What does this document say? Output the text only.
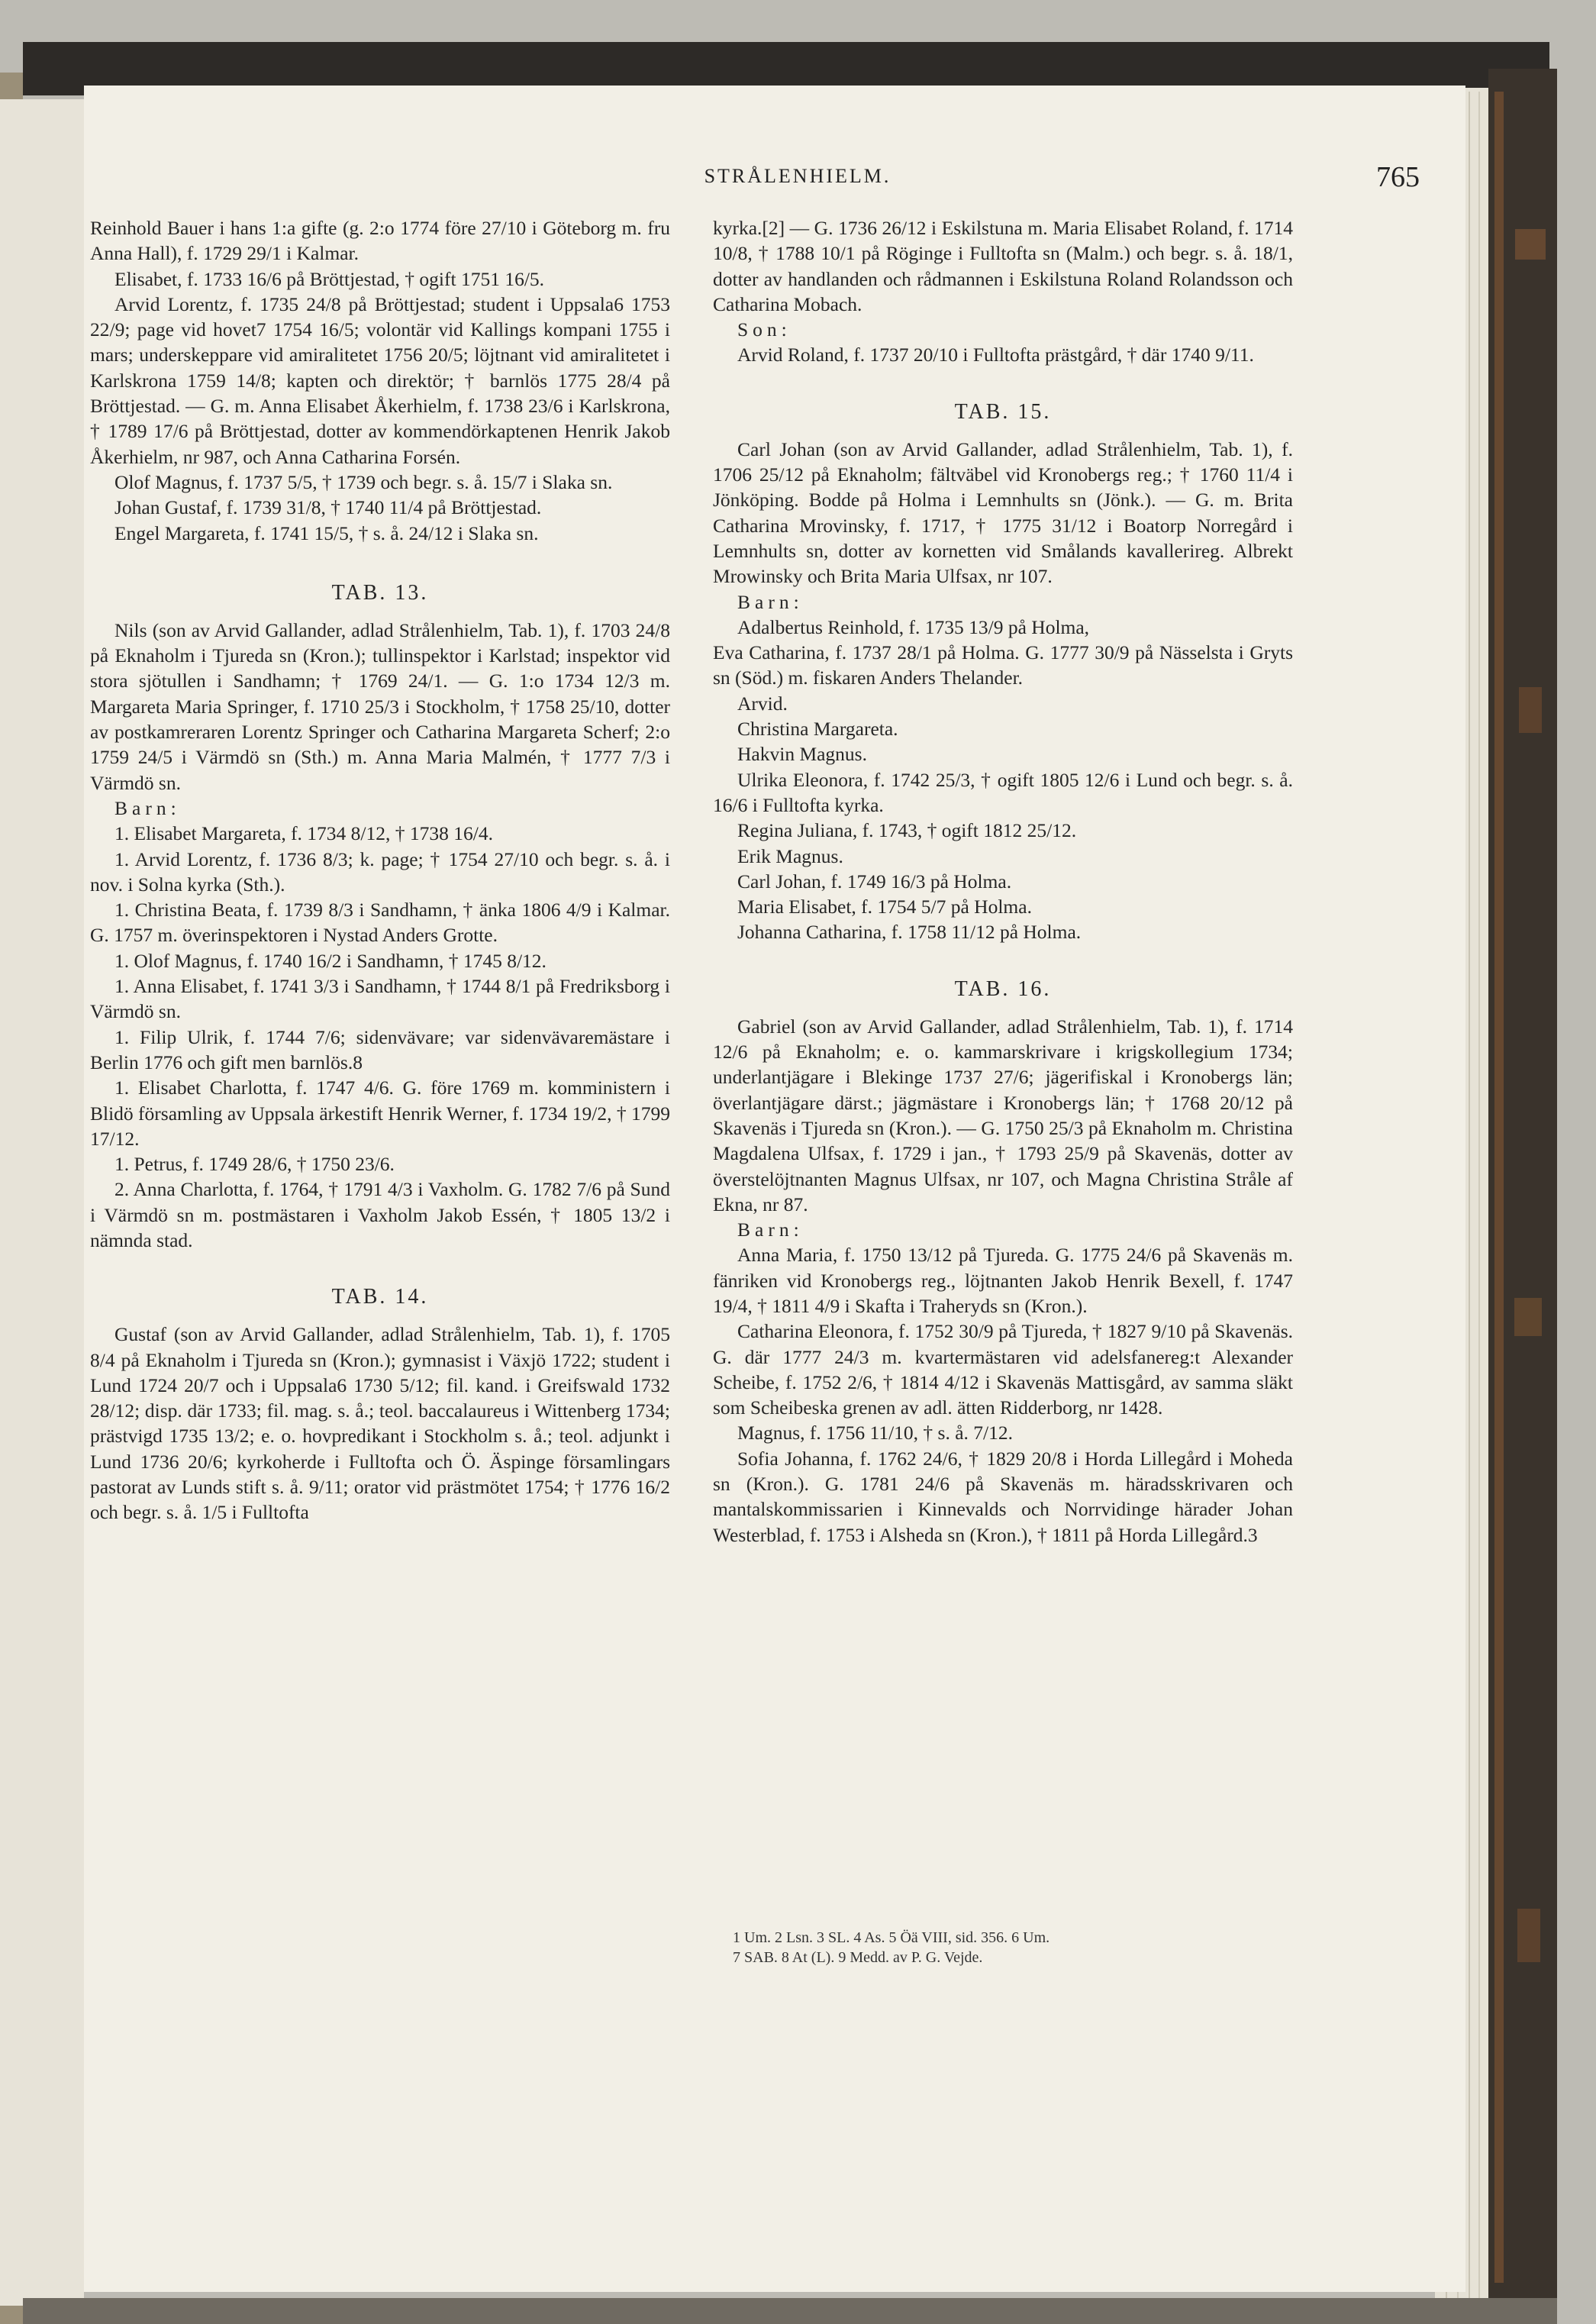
STRÅLENHIELM.	765

Reinhold Bauer i hans 1:a gifte (g. 2:o 1774 före 27/10 i Göteborg m. fru Anna Hall), f. 1729 29/1 i Kalmar.

Elisabet, f. 1733 16/6 på Bröttjestad, † ogift 1751 16/5.

Arvid Lorentz, f. 1735 24/8 på Bröttjestad; student i Uppsala6 1753 22/9; page vid hovet7 1754 16/5; volontär vid Kallings kompani 1755 i mars; underskeppare vid amiralitetet 1756 20/5; löjtnant vid amiralitetet i Karlskrona 1759 14/8; kapten och direktör; † barnlös 1775 28/4 på Bröttjestad. — G. m. Anna Elisabet Åkerhielm, f. 1738 23/6 i Karlskrona, † 1789 17/6 på Bröttjestad, dotter av kommendörkaptenen Henrik Jakob Åkerhielm, nr 987, och Anna Catharina Forsén.

Olof Magnus, f. 1737 5/5, † 1739 och begr. s. å. 15/7 i Slaka sn.

Johan Gustaf, f. 1739 31/8, † 1740 11/4 på Bröttjestad.

Engel Margareta, f. 1741 15/5, † s. å. 24/12 i Slaka sn.

TAB. 13.

Nils (son av Arvid Gallander, adlad Strålenhielm, Tab. 1), f. 1703 24/8 på Eknaholm i Tjureda sn (Kron.); tullinspektor i Karlstad; inspektor vid stora sjötullen i Sandhamn; † 1769 24/1. — G. 1:o 1734 12/3 m. Margareta Maria Springer, f. 1710 25/3 i Stockholm, † 1758 25/10, dotter av postkamreraren Lorentz Springer och Catharina Margareta Scherf; 2:o 1759 24/5 i Värmdö sn (Sth.) m. Anna Maria Malmén, † 1777 7/3 i Värmdö sn.

Barn:

1. Elisabet Margareta, f. 1734 8/12, † 1738 16/4.

1. Arvid Lorentz, f. 1736 8/3; k. page; † 1754 27/10 och begr. s. å. i nov. i Solna kyrka (Sth.).

1. Christina Beata, f. 1739 8/3 i Sandhamn, † änka 1806 4/9 i Kalmar. G. 1757 m. överinspektoren i Nystad Anders Grotte.

1. Olof Magnus, f. 1740 16/2 i Sandhamn, † 1745 8/12.

1. Anna Elisabet, f. 1741 3/3 i Sandhamn, † 1744 8/1 på Fredriksborg i Värmdö sn.

1. Filip Ulrik, f. 1744 7/6; sidenvävare; var sidenvävaremästare i Berlin 1776 och gift men barnlös.8

1. Elisabet Charlotta, f. 1747 4/6. G. före 1769 m. komministern i Blidö församling av Uppsala ärkestift Henrik Werner, f. 1734 19/2, † 1799 17/12.

1. Petrus, f. 1749 28/6, † 1750 23/6.

2. Anna Charlotta, f. 1764, † 1791 4/3 i Vaxholm. G. 1782 7/6 på Sund i Värmdö sn m. postmästaren i Vaxholm Jakob Essén, † 1805 13/2 i nämnda stad.

TAB. 14.

Gustaf (son av Arvid Gallander, adlad Strålenhielm, Tab. 1), f. 1705 8/4 på Eknaholm i Tjureda sn (Kron.); gymnasist i Växjö 1722; student i Lund 1724 20/7 och i Uppsala6 1730 5/12; fil. kand. i Greifswald 1732 28/12; disp. där 1733; fil. mag. s. å.; teol. baccalaureus i Wittenberg 1734; prästvigd 1735 13/2; e. o. hovpredikant i Stockholm s. å.; teol. adjunkt i Lund 1736 20/6; kyrkoherde i Fulltofta och Ö. Äspinge församlingars pastorat av Lunds stift s. å. 9/11; orator vid prästmötet 1754; † 1776 16/2 och begr. s. å. 1/5 i Fulltofta

kyrka.[2] — G. 1736 26/12 i Eskilstuna m. Maria Elisabet Roland, f. 1714 10/8, † 1788 10/1 på Röginge i Fulltofta sn (Malm.) och begr. s. å. 18/1, dotter av handlanden och rådmannen i Eskilstuna Roland Rolandsson och Catharina Mobach.

Son:

Arvid Roland, f. 1737 20/10 i Fulltofta prästgård, † där 1740 9/11.

TAB. 15.

Carl Johan (son av Arvid Gallander, adlad Strålenhielm, Tab. 1), f. 1706 25/12 på Eknaholm; fältväbel vid Kronobergs reg.; † 1760 11/4 i Jönköping. Bodde på Holma i Lemnhults sn (Jönk.). — G. m. Brita Catharina Mrovinsky, f. 1717, † 1775 31/12 i Boatorp Norregård i Lemnhults sn, dotter av kornetten vid Smålands kavallerireg. Albrekt Mrowinsky och Brita Maria Ulfsax, nr 107.

Barn:

Adalbertus Reinhold, f. 1735 13/9 på Holma,

Eva Catharina, f. 1737 28/1 på Holma. G. 1777 30/9 på Nässelsta i Gryts sn (Söd.) m. fiskaren Anders Thelander.

Arvid.

Christina Margareta.

Hakvin Magnus.

Ulrika Eleonora, f. 1742 25/3, † ogift 1805 12/6 i Lund och begr. s. å. 16/6 i Fulltofta kyrka.

Regina Juliana, f. 1743, † ogift 1812 25/12.

Erik Magnus.

Carl Johan, f. 1749 16/3 på Holma.

Maria Elisabet, f. 1754 5/7 på Holma.

Johanna Catharina, f. 1758 11/12 på Holma.

TAB. 16.

Gabriel (son av Arvid Gallander, adlad Strålenhielm, Tab. 1), f. 1714 12/6 på Eknaholm; e. o. kammarskrivare i krigskollegium 1734; underlantjägare i Blekinge 1737 27/6; jägerifiskal i Kronobergs län; överlantjägare därst.; jägmästare i Kronobergs län; † 1768 20/12 på Skavenäs i Tjureda sn (Kron.). — G. 1750 25/3 på Eknaholm m. Christina Magdalena Ulfsax, f. 1729 i jan., † 1793 25/9 på Skavenäs, dotter av överstelöjtnanten Magnus Ulfsax, nr 107, och Magna Christina Stråle af Ekna, nr 87.

Barn:

Anna Maria, f. 1750 13/12 på Tjureda. G. 1775 24/6 på Skavenäs m. fänriken vid Kronobergs reg., löjtnanten Jakob Henrik Bexell, f. 1747 19/4, † 1811 4/9 i Skafta i Traheryds sn (Kron.).

Catharina Eleonora, f. 1752 30/9 på Tjureda, † 1827 9/10 på Skavenäs. G. där 1777 24/3 m. kvartermästaren vid adelsfanereg:t Alexander Scheibe, f. 1752 2/6, † 1814 4/12 i Skavenäs Mattisgård, av samma släkt som Scheibeska grenen av adl. ätten Ridderborg, nr 1428.

Magnus, f. 1756 11/10, † s. å. 7/12.

Sofia Johanna, f. 1762 24/6, † 1829 20/8 i Horda Lillegård i Moheda sn (Kron.). G. 1781 24/6 på Skavenäs m. häradsskrivaren och mantalskommissarien i Kinnevalds och Norrvidinge härader Johan Westerblad, f. 1753 i Alsheda sn (Kron.), † 1811 på Horda Lillegård.3

1 Um. 2 Lsn. 3 SL. 4 As. 5 Öä VIII, sid. 356. 6 Um.

7 SAB. 8 At (L). 9 Medd. av P. G. Vejde.
